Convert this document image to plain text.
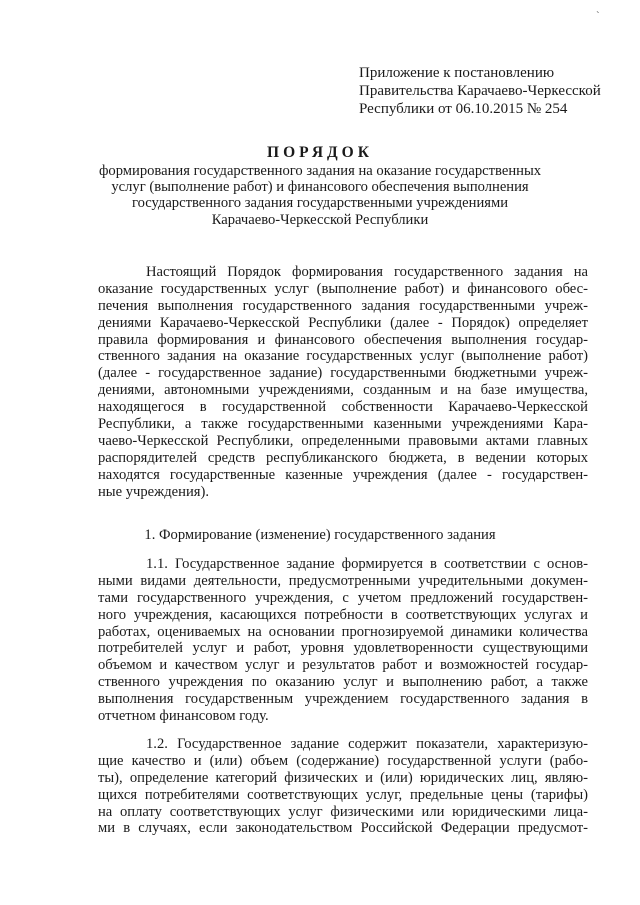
`
Приложение к постановлению
Правительства Карачаево-Черкесской
Республики от 06.10.2015 № 254
ПОРЯДОК
формирования государственного задания на оказание государственных
услуг (выполнение работ) и финансового обеспечения выполнения
государственного задания государственными учреждениями
Карачаево-Черкесской Республики
Настоящий Порядок формирования государственного задания на
оказание государственных услуг (выполнение работ) и финансового обес-
печения выполнения государственного задания государственными учреж-
дениями Карачаево-Черкесской Республики (далее - Порядок) определяет
правила формирования и финансового обеспечения выполнения государ-
ственного задания на оказание государственных услуг (выполнение работ)
(далее - государственное задание) государственными бюджетными учреж-
дениями, автономными учреждениями, созданным и на базе имущества,
находящегося в государственной собственности Карачаево-Черкесской
Республики, а также государственными казенными учреждениями Кара-
чаево-Черкесской Республики, определенными правовыми актами главных
распорядителей средств республиканского бюджета, в ведении которых
находятся государственные казенные учреждения (далее - государствен-
ные учреждения).
1. Формирование (изменение) государственного задания
1.1. Государственное задание формируется в соответствии с основ-
ными видами деятельности, предусмотренными учредительными докумен-
тами государственного учреждения, с учетом предложений государствен-
ного учреждения, касающихся потребности в соответствующих услугах и
работах, оцениваемых на основании прогнозируемой динамики количества
потребителей услуг и работ, уровня удовлетворенности существующими
объемом и качеством услуг и результатов работ и возможностей государ-
ственного учреждения по оказанию услуг и выполнению работ, а также
выполнения государственным учреждением государственного задания в
отчетном финансовом году.
1.2. Государственное задание содержит показатели, характеризую-
щие качество и (или) объем (содержание) государственной услуги (рабо-
ты), определение категорий физических и (или) юридических лиц, являю-
щихся потребителями соответствующих услуг, предельные цены (тарифы)
на оплату соответствующих услуг физическими или юридическими лица-
ми в случаях, если законодательством Российской Федерации предусмот-
